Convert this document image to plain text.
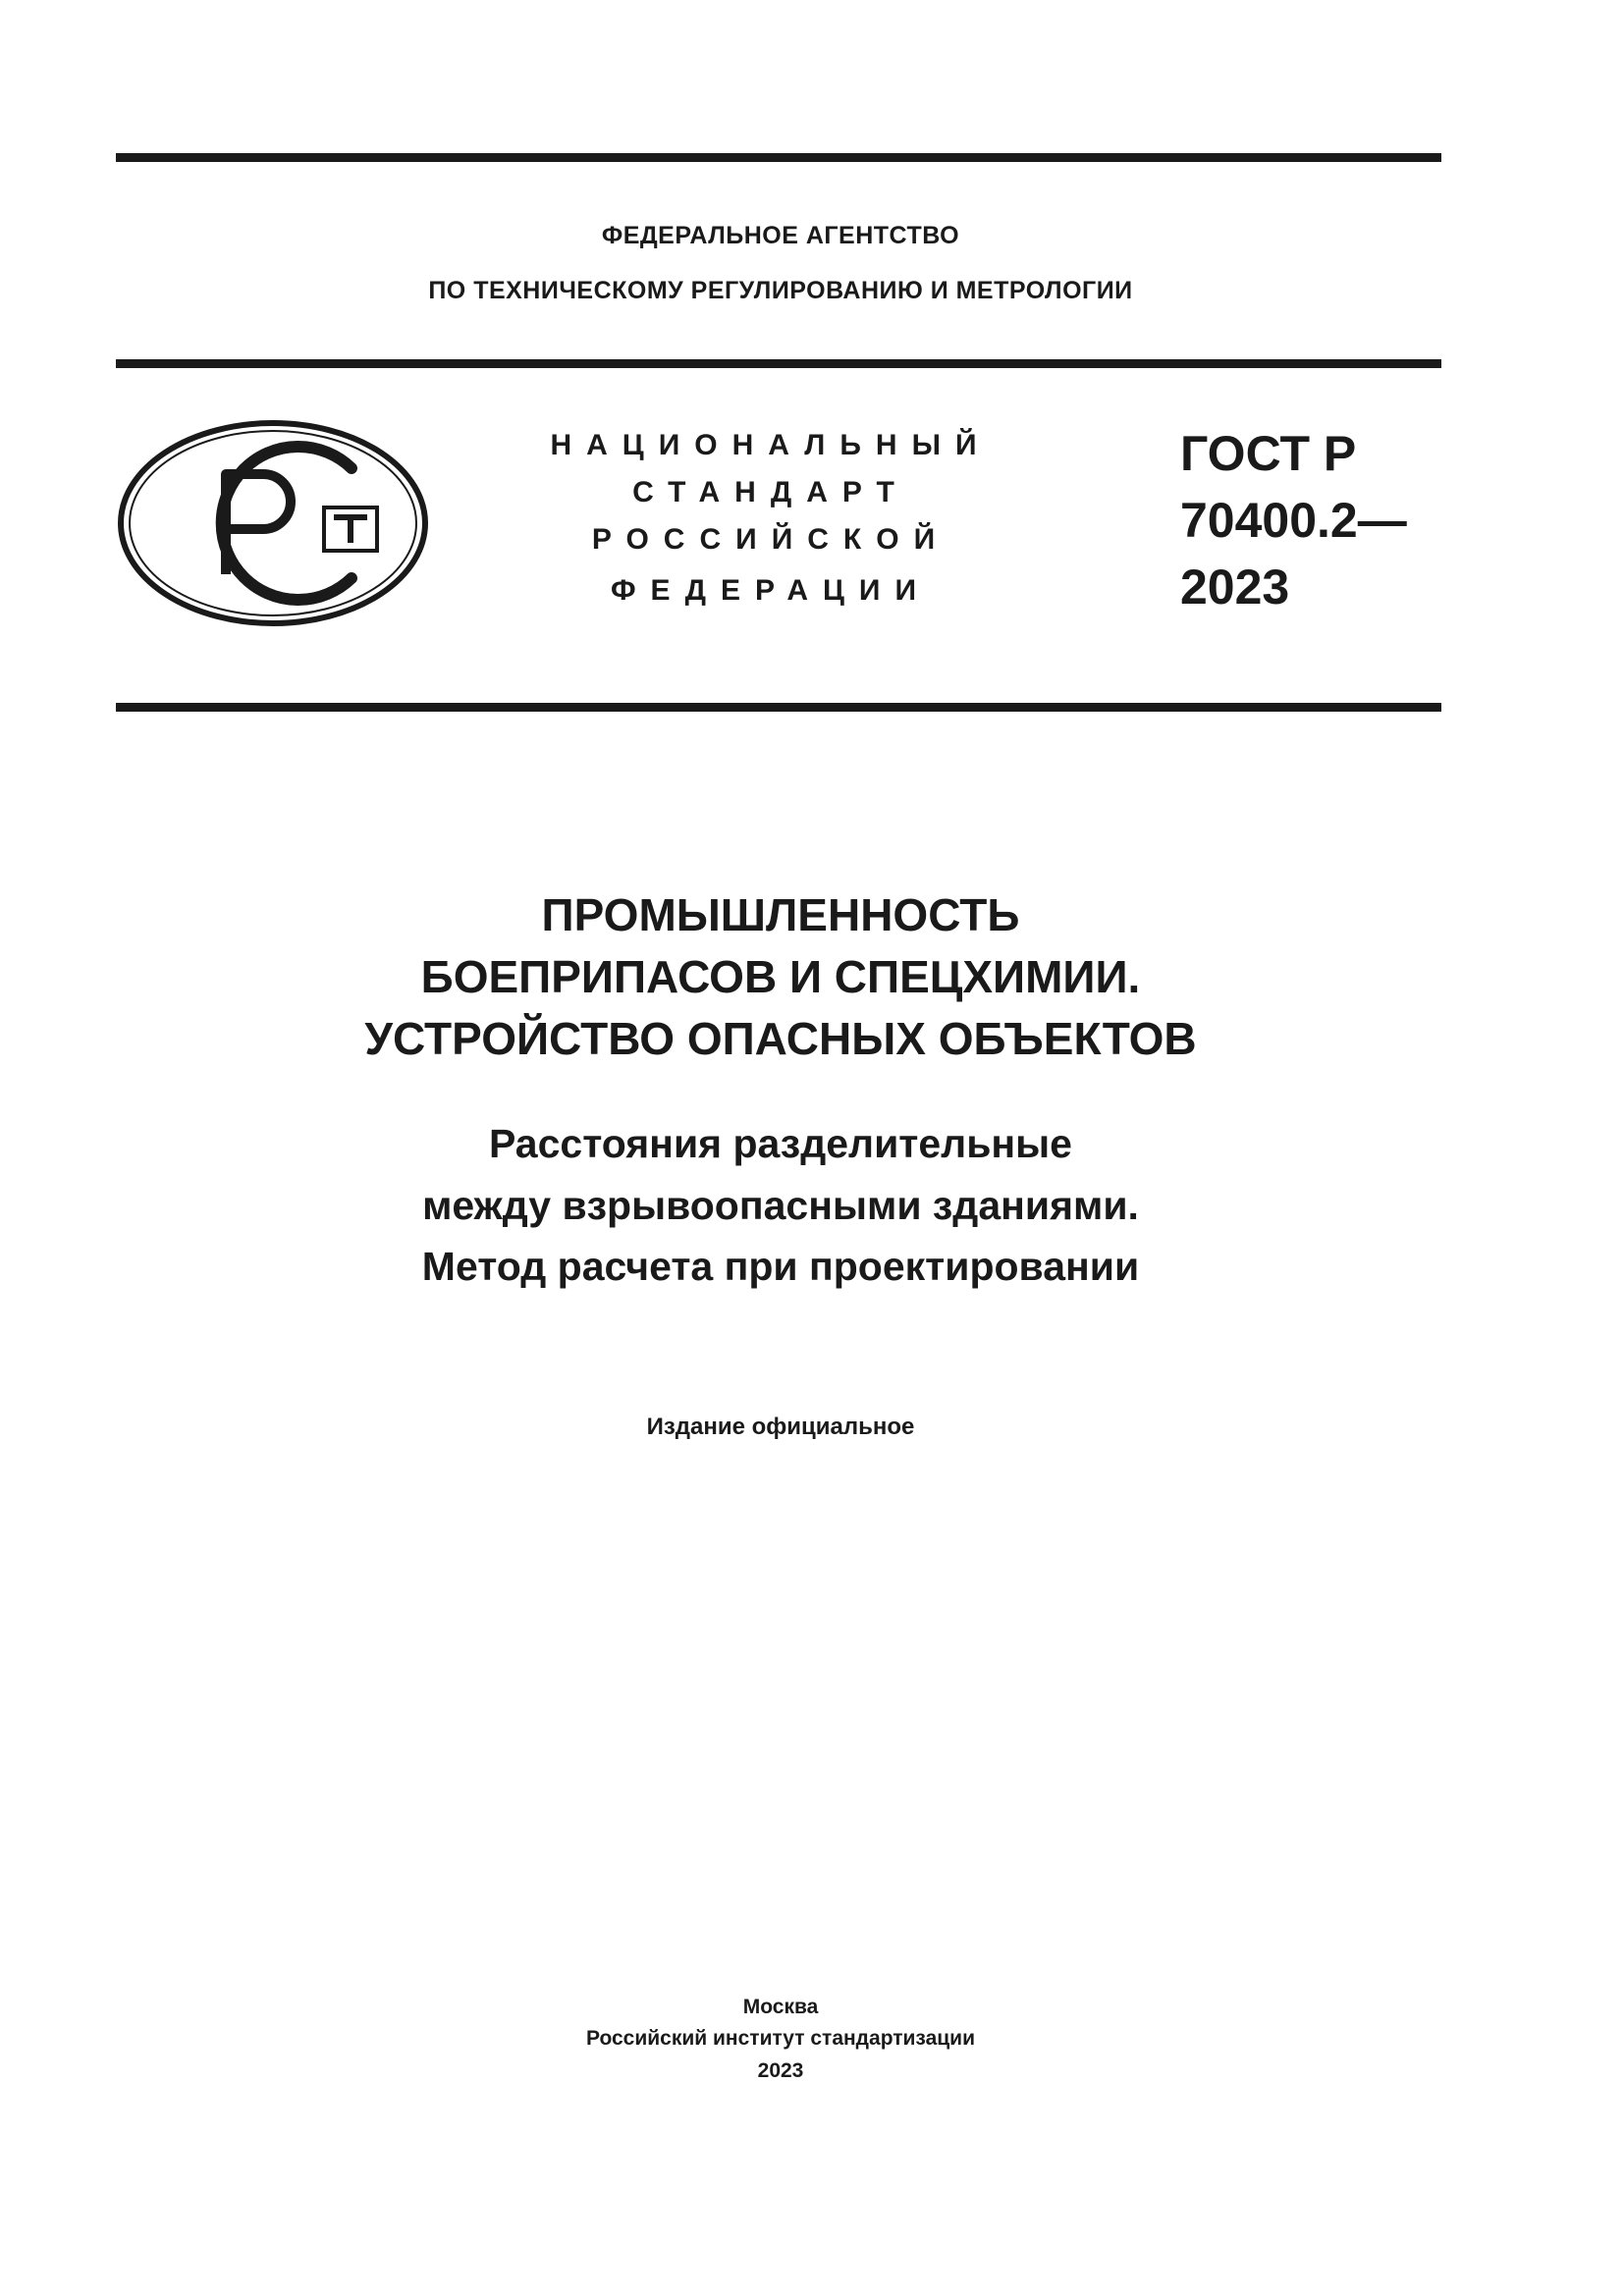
ФЕДЕРАЛЬНОЕ АГЕНТСТВО
ПО ТЕХНИЧЕСКОМУ РЕГУЛИРОВАНИЮ И МЕТРОЛОГИИ
НАЦИОНАЛЬНЫЙ
СТАНДАРТ
РОССИЙСКОЙ
ФЕДЕРАЦИИ
ГОСТ Р
70400.2—
2023
ПРОМЫШЛЕННОСТЬ
БОЕПРИПАСОВ И СПЕЦХИМИИ.
УСТРОЙСТВО ОПАСНЫХ ОБЪЕКТОВ
Расстояния разделительные
между взрывоопасными зданиями.
Метод расчета при проектировании
Издание официальное
Москва
Российский институт стандартизации
2023
